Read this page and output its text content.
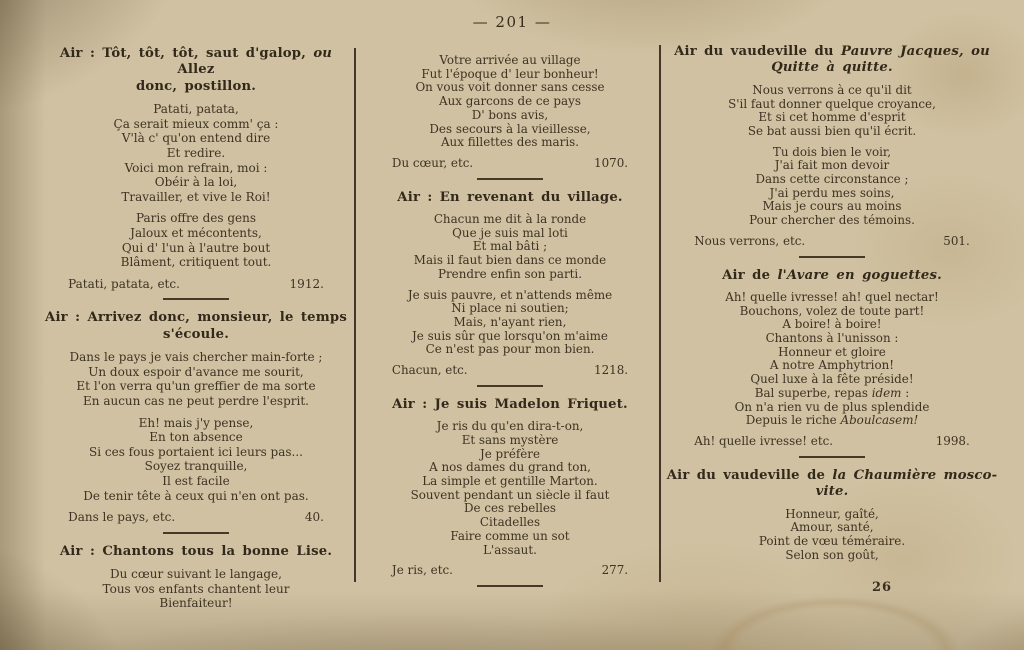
— 201 —
Air : Tôt, tôt, tôt, saut d'galop, ou Allez
donc, postillon.
Patati, patata,
Ça serait mieux comm' ça :
V'là c' qu'on entend dire
Et redire.
Voici mon refrain, moi :
Obéir à la loi,
Travailler, et vive le Roi!
Paris offre des gens
Jaloux et mécontents,
Qui d' l'un à l'autre bout
Blâment, critiquent tout.
Patati, patata, etc.	1912.
Air : Arrivez donc, monsieur, le temps
s'écoule.
Dans le pays je vais chercher main-forte ;
Un doux espoir d'avance me sourit,
Et l'on verra qu'un greffier de ma sorte
En aucun cas ne peut perdre l'esprit.
Eh! mais j'y pense,
En ton absence
Si ces fous portaient ici leurs pas...
Soyez tranquille,
Il est facile
De tenir tête à ceux qui n'en ont pas.
Dans le pays, etc.	40.
Air : Chantons tous la bonne Lise.
Du cœur suivant le langage,
Tous vos enfants chantent leur
Bienfaiteur!
Votre arrivée au village
Fut l'époque d' leur bonheur!
On vous voit donner sans cesse
Aux garcons de ce pays
D' bons avis,
Des secours à la vieillesse,
Aux fillettes des maris.
Du cœur, etc.	1070.
Air : En revenant du village.
Chacun me dit à la ronde
Que je suis mal loti
Et mal bâti ;
Mais il faut bien dans ce monde
Prendre enfin son parti.
Je suis pauvre, et n'attends même
Ni place ni soutien;
Mais, n'ayant rien,
Je suis sûr que lorsqu'on m'aime
Ce n'est pas pour mon bien.
Chacun, etc.	1218.
Air : Je suis Madelon Friquet.
Je ris du qu'en dira-t-on,
Et sans mystère
Je préfère
A nos dames du grand ton,
La simple et gentille Marton.
Souvent pendant un siècle il faut
De ces rebelles
Citadelles
Faire comme un sot
L'assaut.
Je ris, etc.	277.
Air du vaudeville du Pauvre Jacques, ou
Quitte à quitte.
Nous verrons à ce qu'il dit
S'il faut donner quelque croyance,
Et si cet homme d'esprit
Se bat aussi bien qu'il écrit.
Tu dois bien le voir,
J'ai fait mon devoir
Dans cette circonstance ;
J'ai perdu mes soins,
Mais je cours au moins
Pour chercher des témoins.
Nous verrons, etc.	501.
Air de l'Avare en goguettes.
Ah! quelle ivresse! ah! quel nectar!
Bouchons, volez de toute part!
A boire! à boire!
Chantons à l'unisson :
Honneur et gloire
A notre Amphytrion!
Quel luxe à la fête préside!
Bal superbe, repas idem :
On n'a rien vu de plus splendide
Depuis le riche Aboulcasem!
Ah! quelle ivresse! etc.	1998.
Air du vaudeville de la Chaumière mosco-
vite.
Honneur, gaîté,
Amour, santé,
Point de vœu téméraire.
Selon son goût,
26
